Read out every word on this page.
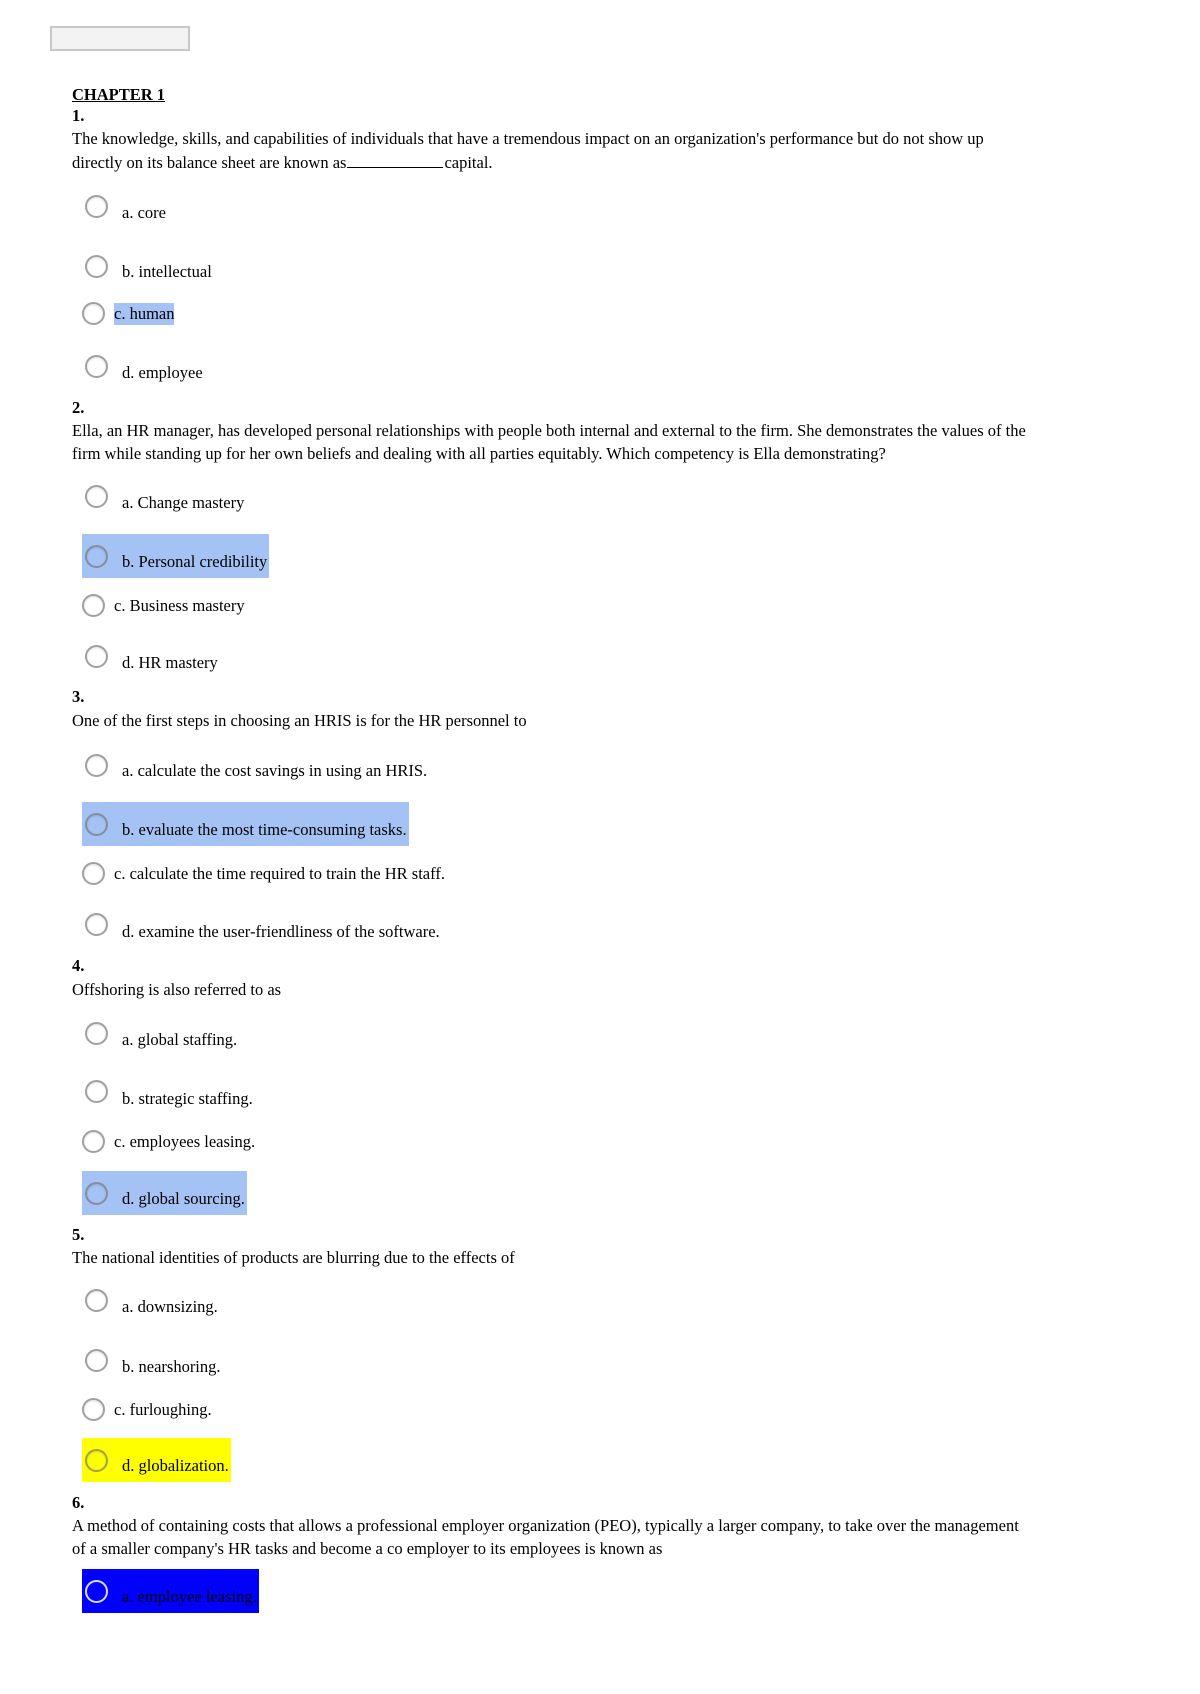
CHAPTER 1
1.
The knowledge, skills, and capabilities of individuals that have a tremendous impact on an organization's performance but do not show up
directly on its balance sheet are known as	capital.
a. core
b. intellectual
c. human
d. employee
2.
Ella, an HR manager, has developed personal relationships with people both internal and external to the firm. She demonstrates the values of the
firm while standing up for her own beliefs and dealing with all parties equitably. Which competency is Ella demonstrating?
a. Change mastery
b. Personal credibility
c. Business mastery
d. HR mastery
3.
One of the first steps in choosing an HRIS is for the HR personnel to
a. calculate the cost savings in using an HRIS.
b. evaluate the most time-consuming tasks.
c. calculate the time required to train the HR staff.
d. examine the user-friendliness of the software.
4.
Offshoring is also referred to as
a. global staffing.
b. strategic staffing.
c. employees leasing.
d. global sourcing.
5.
The national identities of products are blurring due to the effects of
a. downsizing.
b. nearshoring.
c. furloughing.
d. globalization.
6.
A method of containing costs that allows a professional employer organization (PEO), typically a larger company, to take over the management
of a smaller company's HR tasks and become a co employer to its employees is known as
a. employee leasing.
